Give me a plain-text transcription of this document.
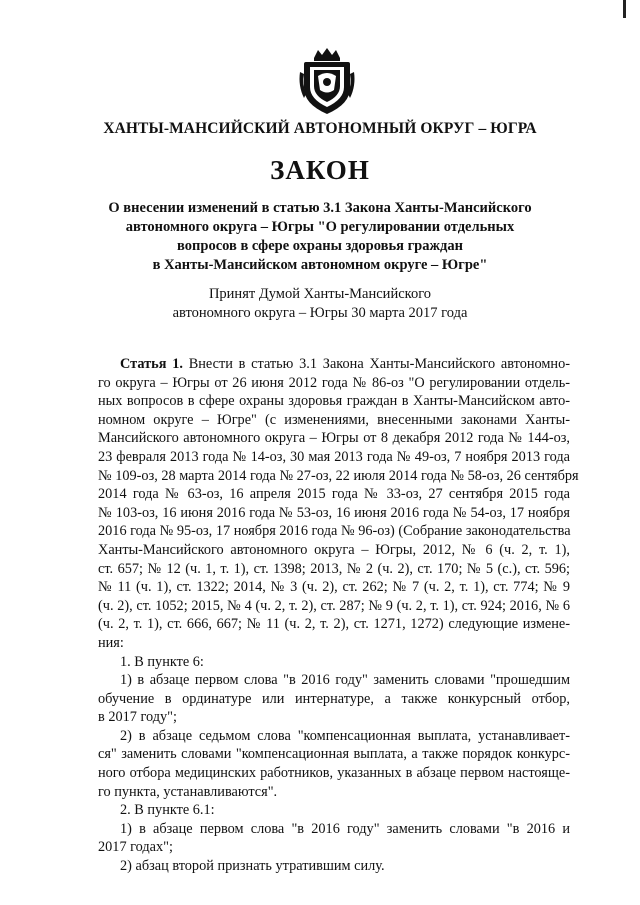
ХАНТЫ-МАНСИЙСКИЙ АВТОНОМНЫЙ ОКРУГ – ЮГРА
ЗАКОН
О внесении изменений в статью 3.1 Закона Ханты-Мансийского
автономного округа – Югры "О регулировании отдельных
вопросов в сфере охраны здоровья граждан
в Ханты-Мансийском автономном округе – Югре"
Принят Думой Ханты-Мансийского
автономного округа – Югры 30 марта 2017 года
Статья 1. Внести в статью 3.1 Закона Ханты-Мансийского автономно-
го округа – Югры от 26 июня 2012 года № 86-оз "О регулировании отдель-
ных вопросов в сфере охраны здоровья граждан в Ханты-Мансийском авто-
номном округе – Югре" (с изменениями, внесенными законами Ханты-
Мансийского автономного округа – Югры от 8 декабря 2012 года № 144-оз,
23 февраля 2013 года № 14-оз, 30 мая 2013 года № 49-оз, 7 ноября 2013 года
№ 109-оз, 28 марта 2014 года № 27-оз, 22 июля 2014 года № 58-оз, 26 сентября
2014 года № 63-оз, 16 апреля 2015 года № 33-оз, 27 сентября 2015 года
№ 103-оз, 16 июня 2016 года № 53-оз, 16 июня 2016 года № 54-оз, 17 ноября
2016 года № 95-оз, 17 ноября 2016 года № 96-оз) (Собрание законодательства
Ханты-Мансийского автономного округа – Югры, 2012, № 6 (ч. 2, т. 1),
ст. 657; № 12 (ч. 1, т. 1), ст. 1398; 2013, № 2 (ч. 2), ст. 170; № 5 (с.), ст. 596;
№ 11 (ч. 1), ст. 1322; 2014, № 3 (ч. 2), ст. 262; № 7 (ч. 2, т. 1), ст. 774; № 9
(ч. 2), ст. 1052; 2015, № 4 (ч. 2, т. 2), ст. 287; № 9 (ч. 2, т. 1), ст. 924; 2016, № 6
(ч. 2, т. 1), ст. 666, 667; № 11 (ч. 2, т. 2), ст. 1271, 1272) следующие измене-
ния:
1. В пункте 6:
1) в абзаце первом слова "в 2016 году" заменить словами "прошедшим
обучение в ординатуре или интернатуре, а также конкурсный отбор,
в 2017 году";
2) в абзаце седьмом слова "компенсационная выплата, устанавливает-
ся" заменить словами "компенсационная выплата, а также порядок конкурс-
ного отбора медицинских работников, указанных в абзаце первом настояще-
го пункта, устанавливаются".
2. В пункте 6.1:
1) в абзаце первом слова "в 2016 году" заменить словами "в 2016 и
2017 годах";
2) абзац второй признать утратившим силу.
